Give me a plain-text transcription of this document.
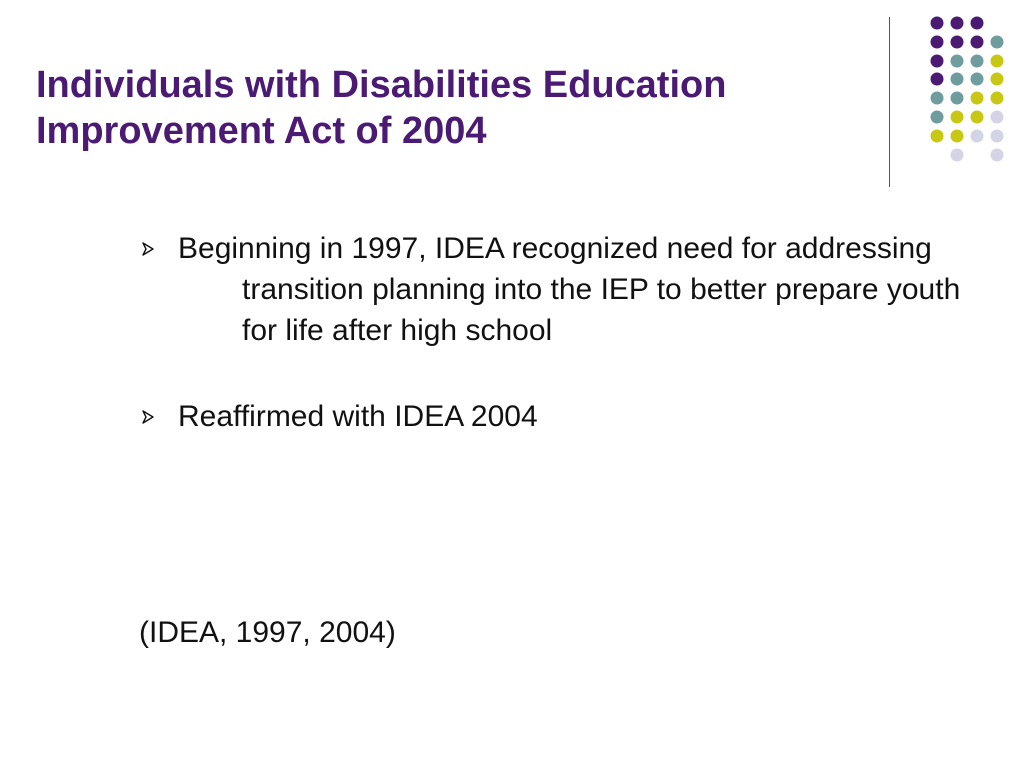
Individuals with Disabilities Education
Improvement Act of 2004
Beginning in 1997, IDEA recognized need for addressing transition planning into the IEP to better prepare youth for life after high school
Reaffirmed with IDEA 2004

(IDEA, 1997, 2004)
